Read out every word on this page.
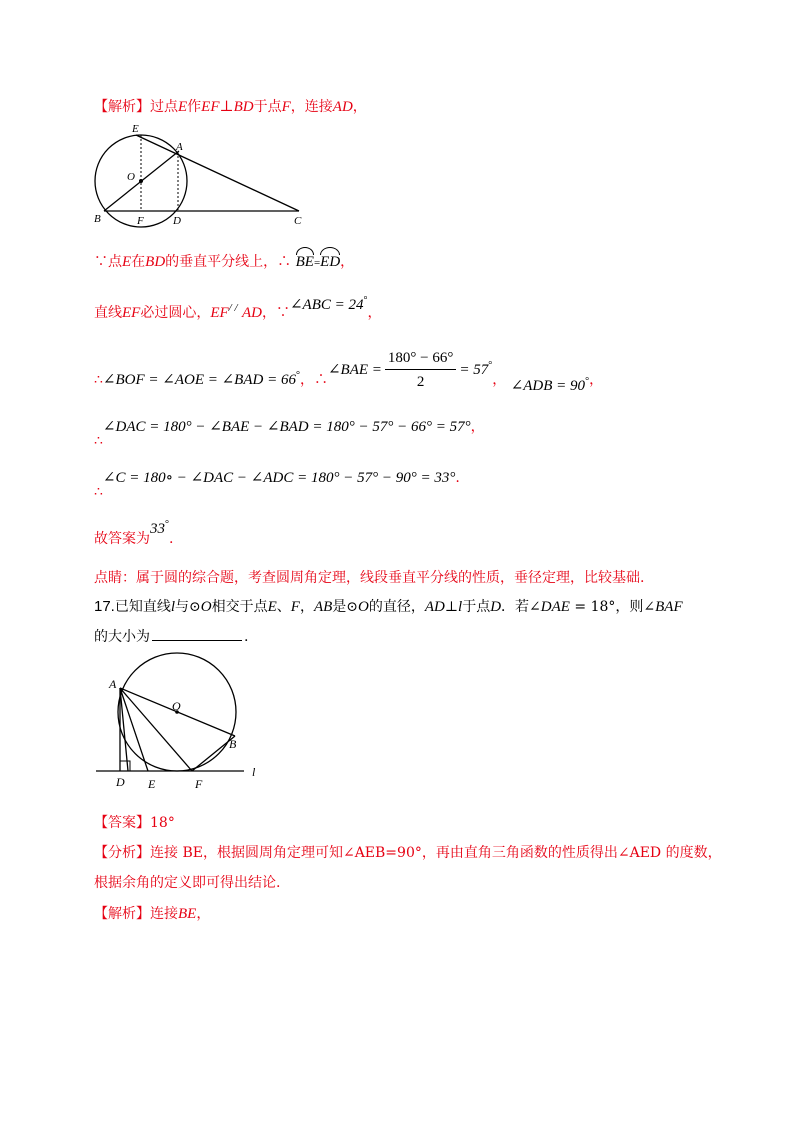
【解析】过点E作EF⊥BD于点F，连接AD，
E
A
O
B	F	D	C
∵点E在BD的垂直平分线上，∴ BE=ED，
直线EF必过圆心，EF/ / AD，∵∠ABC = 24°，
∴∠BOF = ∠AOE = ∠BAD = 66°，∴∠BAE = $\frac{180^\circ - 66^\circ}{2} = 57^\circ$， ∠ADB = 90°，
∴∠DAC = 180° − ∠BAE − ∠BAD = 180° − 57° − 66° = 57°，
∴∠C = 180∘ − ∠DAC − ∠ADC = 180° − 57° − 90° = 33°.
故答案为33°.
点睛：属于圆的综合题，考查圆周角定理，线段垂直平分线的性质，垂径定理，比较基础.
17.已知直线l与⊙O相交于点E、F，AB是⊙O的直径，AD⊥l于点D．若∠DAE = 18°，则∠BAF
的大小为	.
A
O
B
D E	F
l
【答案】18°
【分析】连接 BE，根据圆周角定理可知∠AEB=90°，再由直角三角函数的性质得出∠AED 的度数，
根据余角的定义即可得出结论.
【解析】连接BE，
